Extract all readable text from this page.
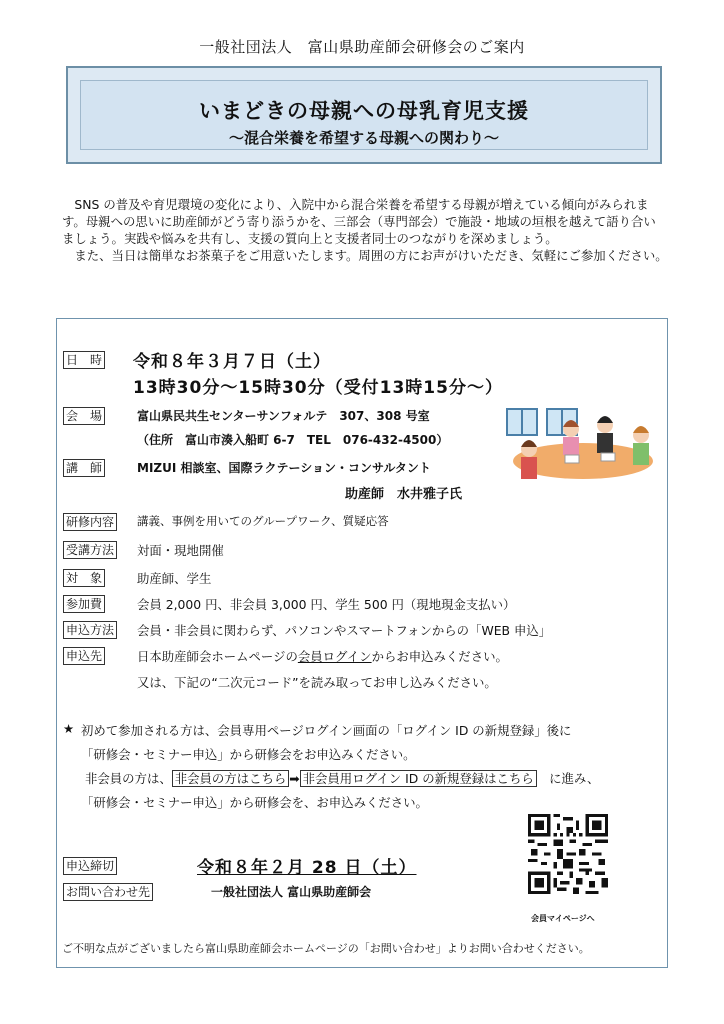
一般社団法人　富山県助産師会研修会のご案内
いまどきの母親への母乳育児支援
～混合栄養を希望する母親への関わり～

　SNS の普及や育児環境の変化により、入院中から混合栄養を希望する母親が増えている傾向がみられます。母親への思いに助産師がどう寄り添うかを、三部会（専門部会）で施設・地域の垣根を越えて語り合いましょう。実践や悩みを共有し、支援の質向上と支援者同士のつながりを深めましょう。

　また、当日は簡単なお茶菓子をご用意いたします。周囲の方にお声がけいただき、気軽にご参加ください。

日　時 令和８年３月７日（土）
13時30分～15時30分（受付13時15分～）
会　場	富山県民共生センターサンフォルテ　307、308 号室
（住所　富山市湊入船町 6-7　TEL　076-432-4500）
講　師	MIZUI 相談室、国際ラクテーション・コンサルタント
助産師　水井雅子氏
研修内容 講義、事例を用いてのグループワーク、質疑応答
受講方法 対面・現地開催
対　象	助産師、学生
参加費	会員 2,000 円、非会員 3,000 円、学生 500 円（現地現金支払い）
申込方法 会員・非会員に関わらず、パソコンやスマートフォンからの「WEB 申込」
申込先	日本助産師会ホームページの会員ログインからお申込みください。
又は、下記の“二次元コード”を読み取ってお申し込みください。
★ 初めて参加される方は、会員専用ページログイン画面の「ログイン ID の新規登録」後に
「研修会・セミナー申込」から研修会をお申込みください。
非会員の方は、 非会員の方はこちら ➡ 非会員用ログイン ID の新規登録はこちら　 に進み、
「研修会・セミナー申込」から研修会を、お申込みください。
申込締切	令和８年２月 28 日（土）
お問い合わせ先	一般社団法人 富山県助産師会
会員マイページへ
ご不明な点がございましたら富山県助産師会ホームページの「お問い合わせ」よりお問い合わせください。
